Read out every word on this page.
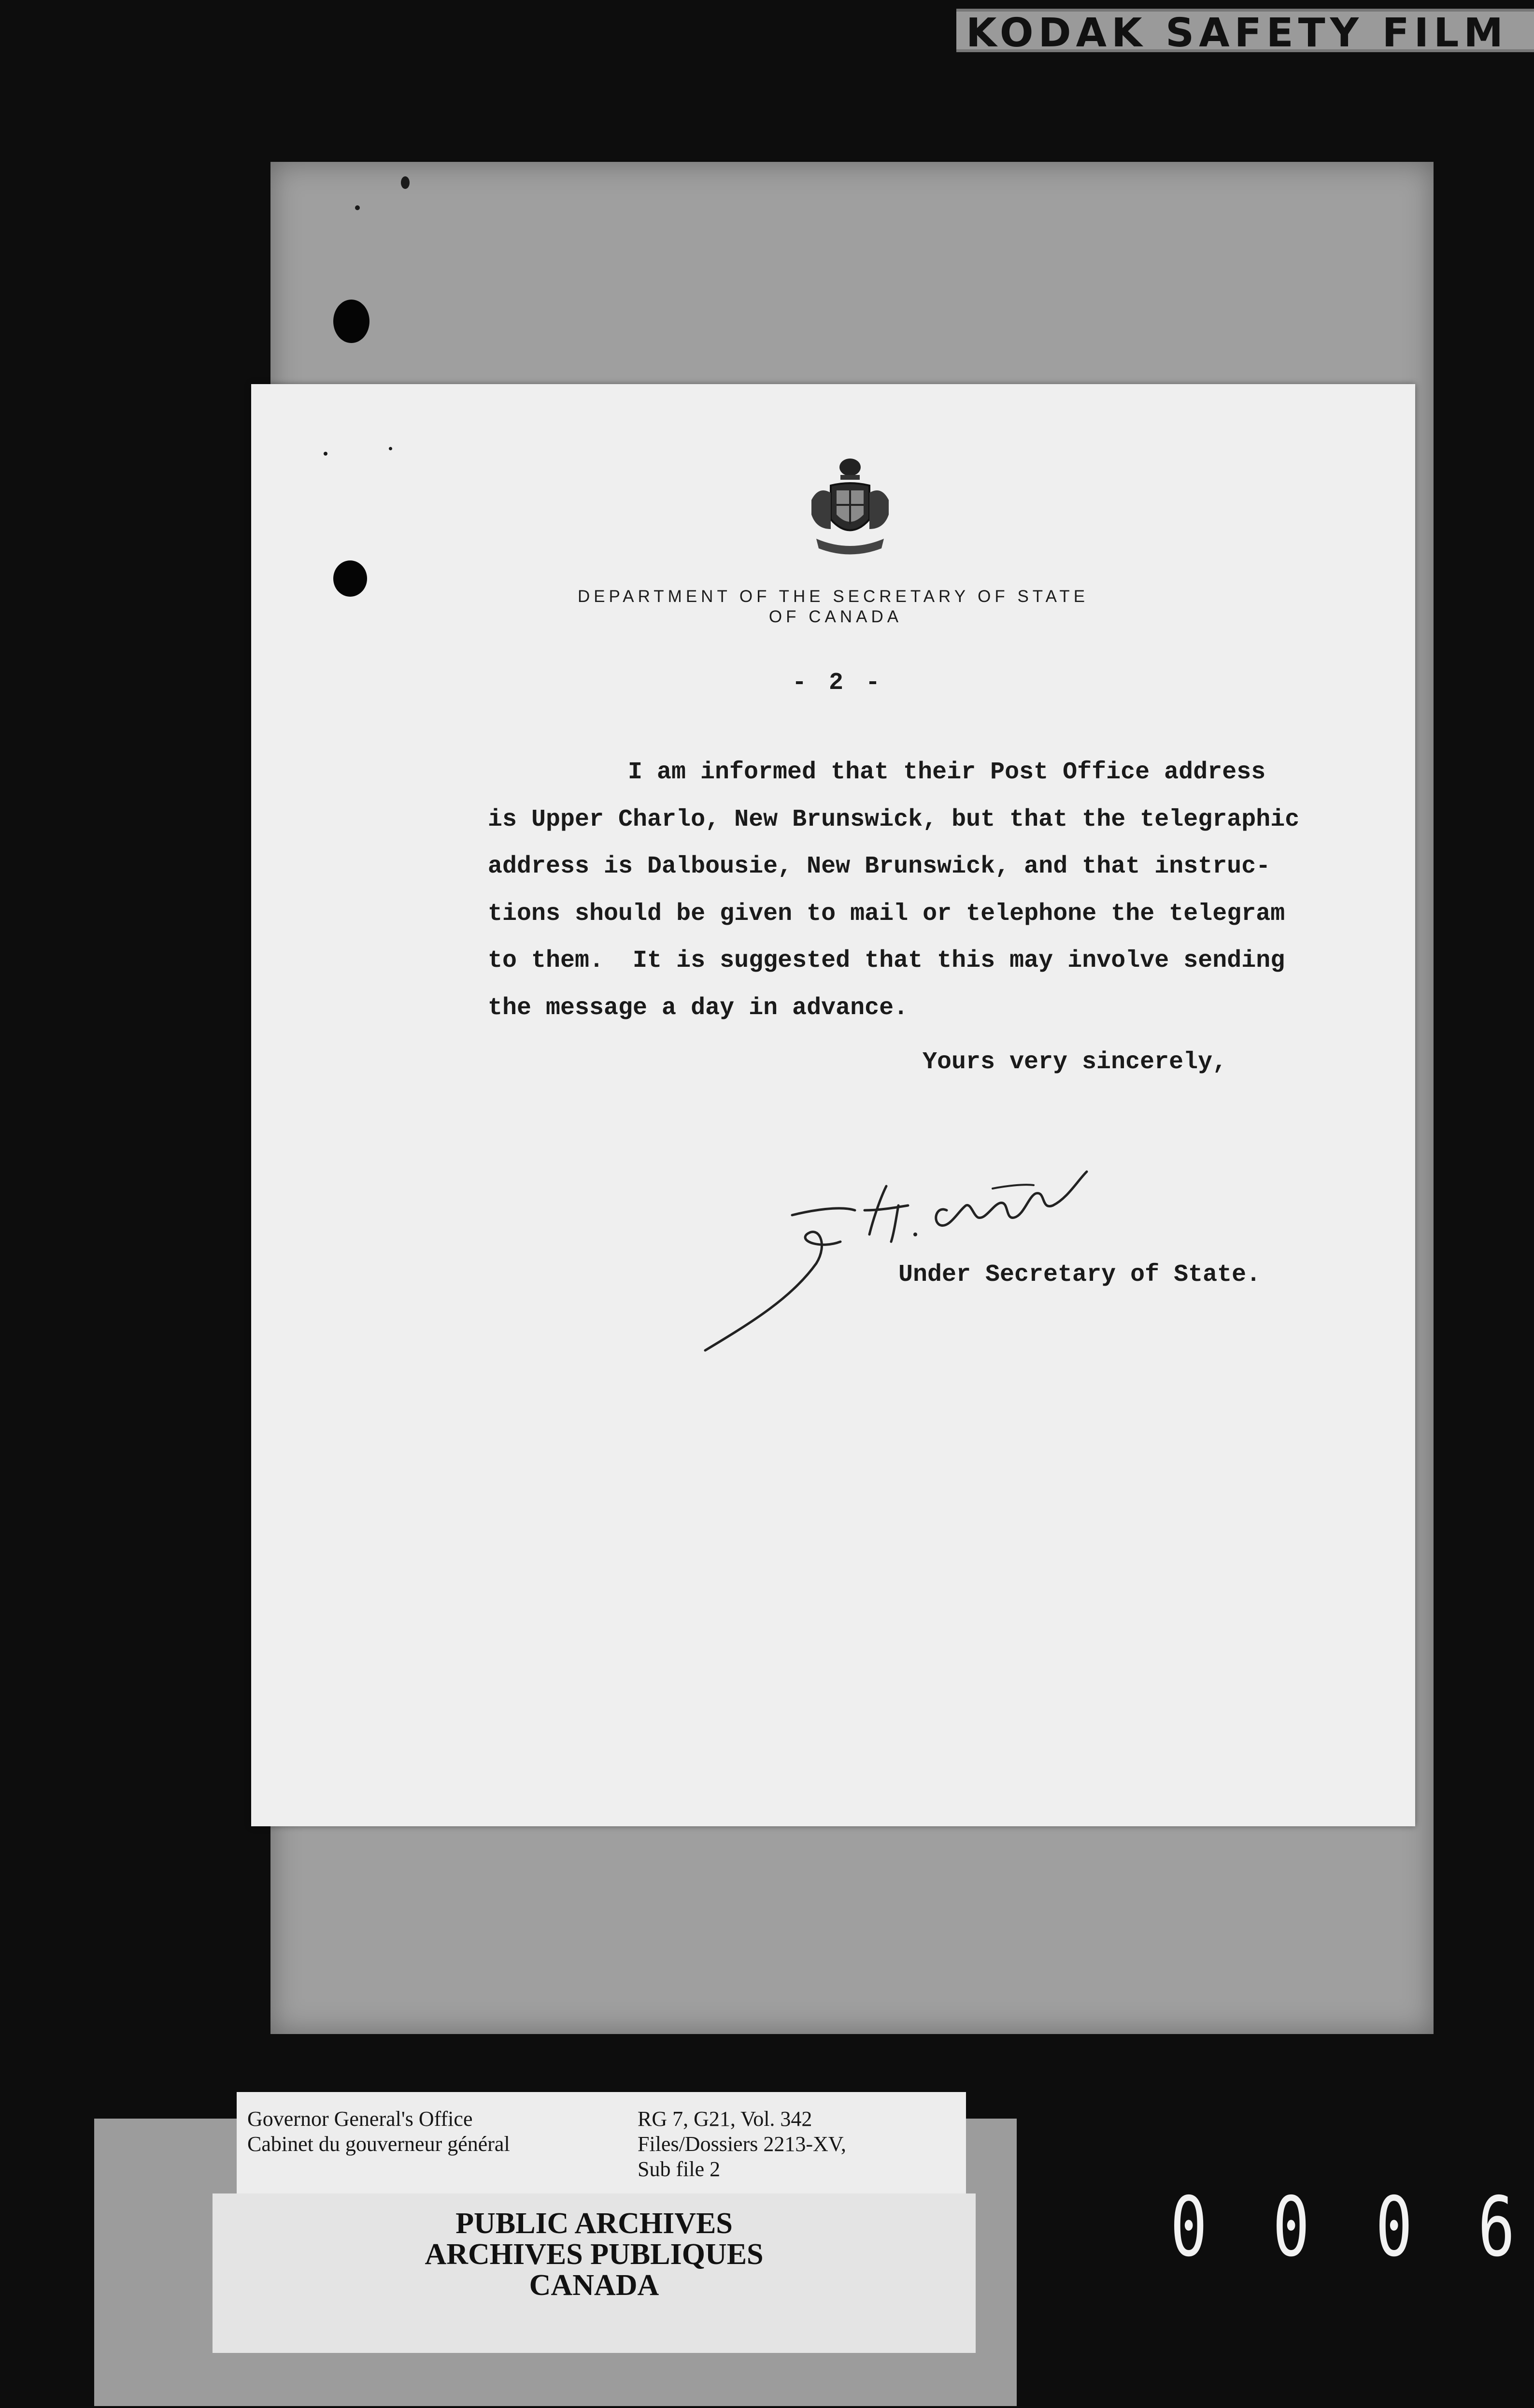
KODAK SAFETY FILM
DEPARTMENT OF THE SECRETARY OF STATE
OF CANADA
- 2 -
I am informed that their Post Office address
is Upper Charlo, New Brunswick, but that the telegraphic
address is Dalbousie, New Brunswick, and that instruc-
tions should be given to mail or telephone the telegram
to them.  It is suggested that this may involve sending
the message a day in advance.
Yours very sincerely,
Under Secretary of State.
Governor General's Office
Cabinet du gouverneur général
RG 7, G21, Vol. 342
Files/Dossiers 2213-XV,
Sub file 2
PUBLIC ARCHIVES
ARCHIVES PUBLIQUES
CANADA
0 0 0 6
